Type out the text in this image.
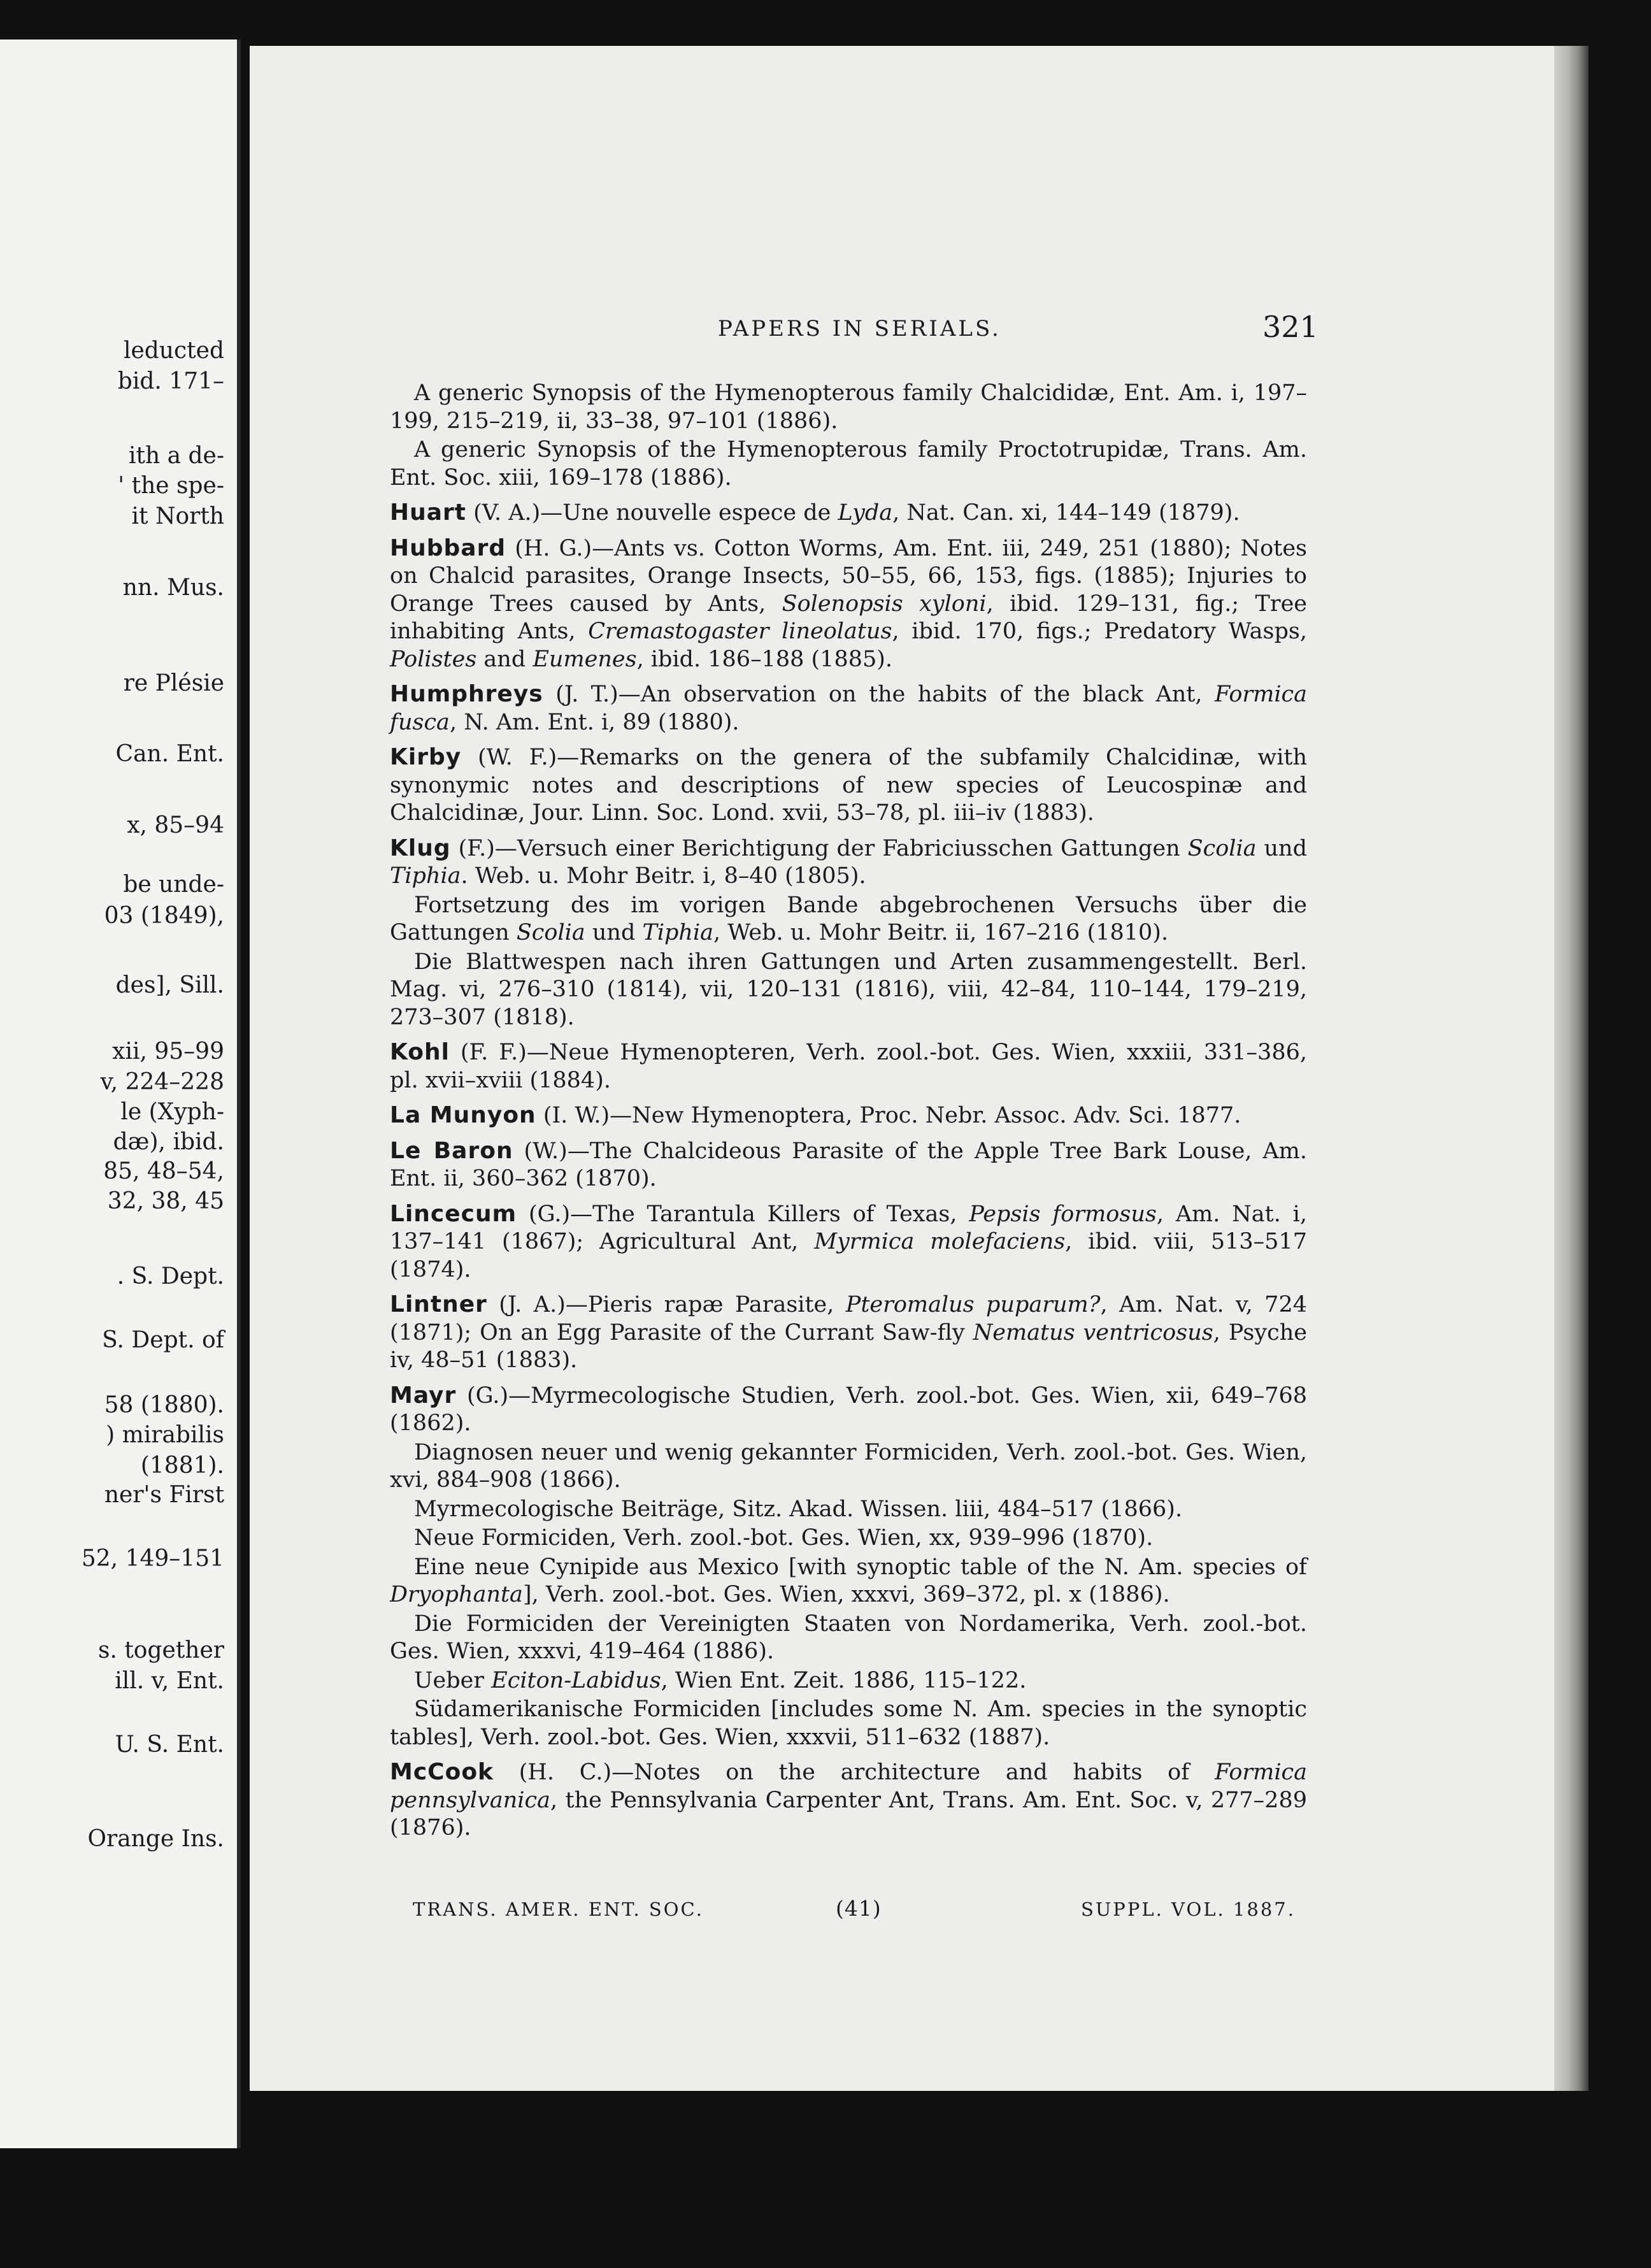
leducted
bid. 171–
ith a de-
' the spe-
it North
nn. Mus.
re Plésie
Can. Ent.
x, 85–94
be unde-
03 (1849),
des], Sill.
xii, 95–99
v, 224–228
le (Xyph-
dæ), ibid.
85, 48–54,
32, 38, 45
. S. Dept.
S. Dept. of
58 (1880).
) mirabilis
(1881).
ner's First
52, 149–151
s. together
ill. v, Ent.
U. S. Ent.
Orange Ins.
PAPERS IN SERIALS.	321

A generic Synopsis of the Hymenopterous family Chalcididæ, Ent. Am. i, 197–199, 215–219, ii, 33–38, 97–101 (1886).

A generic Synopsis of the Hymenopterous family Proctotrupidæ, Trans. Am. Ent. Soc. xiii, 169–178 (1886).

Huart (V. A.)—Une nouvelle espece de Lyda, Nat. Can. xi, 144–149 (1879).

Hubbard (H. G.)—Ants vs. Cotton Worms, Am. Ent. iii, 249, 251 (1880); Notes on Chalcid parasites, Orange Insects, 50–55, 66, 153, figs. (1885); Injuries to Orange Trees caused by Ants, Solenopsis xyloni, ibid. 129–131, fig.; Tree inhabiting Ants, Cremastogaster lineolatus, ibid. 170, figs.; Predatory Wasps, Polistes and Eumenes, ibid. 186–188 (1885).

Humphreys (J. T.)—An observation on the habits of the black Ant, Formica fusca, N. Am. Ent. i, 89 (1880).

Kirby (W. F.)—Remarks on the genera of the subfamily Chalcidinæ, with synonymic notes and descriptions of new species of Leucospinæ and Chalcidinæ, Jour. Linn. Soc. Lond. xvii, 53–78, pl. iii–iv (1883).

Klug (F.)—Versuch einer Berichtigung der Fabriciusschen Gattungen Scolia und Tiphia. Web. u. Mohr Beitr. i, 8–40 (1805).

Fortsetzung des im vorigen Bande abgebrochenen Versuchs über die Gattungen Scolia und Tiphia, Web. u. Mohr Beitr. ii, 167–216 (1810).

Die Blattwespen nach ihren Gattungen und Arten zusammengestellt. Berl. Mag. vi, 276–310 (1814), vii, 120–131 (1816), viii, 42–84, 110–144, 179–219, 273–307 (1818).

Kohl (F. F.)—Neue Hymenopteren, Verh. zool.-bot. Ges. Wien, xxxiii, 331–386, pl. xvii–xviii (1884).

La Munyon (I. W.)—New Hymenoptera, Proc. Nebr. Assoc. Adv. Sci. 1877.

Le Baron (W.)—The Chalcideous Parasite of the Apple Tree Bark Louse, Am. Ent. ii, 360–362 (1870).

Lincecum (G.)—The Tarantula Killers of Texas, Pepsis formosus, Am. Nat. i, 137–141 (1867); Agricultural Ant, Myrmica molefaciens, ibid. viii, 513–517 (1874).

Lintner (J. A.)—Pieris rapæ Parasite, Pteromalus puparum?, Am. Nat. v, 724 (1871); On an Egg Parasite of the Currant Saw-fly Nematus ventricosus, Psyche iv, 48–51 (1883).

Mayr (G.)—Myrmecologische Studien, Verh. zool.-bot. Ges. Wien, xii, 649–768 (1862).

Diagnosen neuer und wenig gekannter Formiciden, Verh. zool.-bot. Ges. Wien, xvi, 884–908 (1866).

Myrmecologische Beiträge, Sitz. Akad. Wissen. liii, 484–517 (1866).

Neue Formiciden, Verh. zool.-bot. Ges. Wien, xx, 939–996 (1870).

Eine neue Cynipide aus Mexico [with synoptic table of the N. Am. species of Dryophanta], Verh. zool.-bot. Ges. Wien, xxxvi, 369–372, pl. x (1886).

Die Formiciden der Vereinigten Staaten von Nordamerika, Verh. zool.-bot. Ges. Wien, xxxvi, 419–464 (1886).

Ueber Eciton-Labidus, Wien Ent. Zeit. 1886, 115–122.

Südamerikanische Formiciden [includes some N. Am. species in the synoptic tables], Verh. zool.-bot. Ges. Wien, xxxvii, 511–632 (1887).

McCook (H. C.)—Notes on the architecture and habits of Formica pennsylvanica, the Pennsylvania Carpenter Ant, Trans. Am. Ent. Soc. v, 277–289 (1876).

TRANS. AMER. ENT. SOC.	(41)	SUPPL. VOL. 1887.
